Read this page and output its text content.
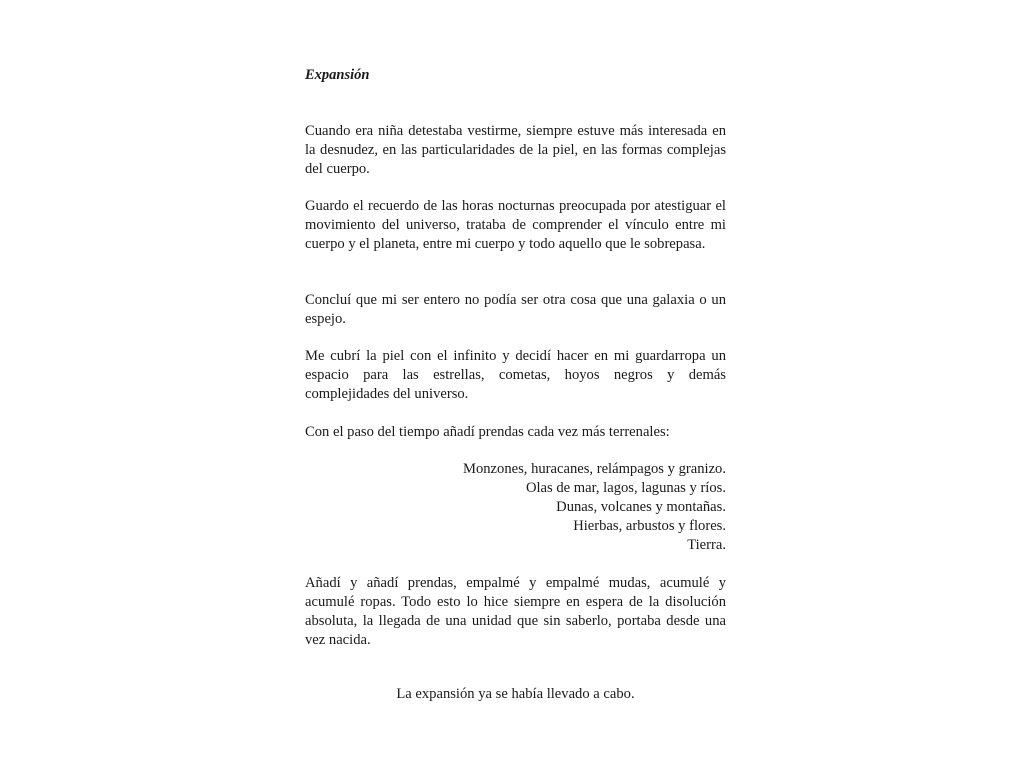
Expansión

Cuando era niña detestaba vestirme, siempre estuve más interesada en la desnudez, en las particularidades de la piel, en las formas complejas del cuerpo.

Guardo el recuerdo de las horas nocturnas preocupada por atestiguar el movimiento del universo, trataba de comprender el vínculo entre mi cuerpo y el planeta, entre mi cuerpo y todo aquello que le sobrepasa.

Concluí que mi ser entero no podía ser otra cosa que una galaxia o un espejo.

Me cubrí la piel con el infinito y decidí hacer en mi guardarropa un espacio para las estrellas, cometas, hoyos negros y demás complejidades del universo.

Con el paso del tiempo añadí prendas cada vez más terrenales:

Monzones, huracanes, relámpagos y granizo.
Olas de mar, lagos, lagunas y ríos.
Dunas, volcanes y montañas.
Hierbas, arbustos y flores.
Tierra.

Añadí y añadí prendas, empalmé y empalmé mudas, acumulé y acumulé ropas. Todo esto lo hice siempre en espera de la disolución absoluta, la llegada de una unidad que sin saberlo, portaba desde una vez nacida.

La expansión ya se había llevado a cabo.
